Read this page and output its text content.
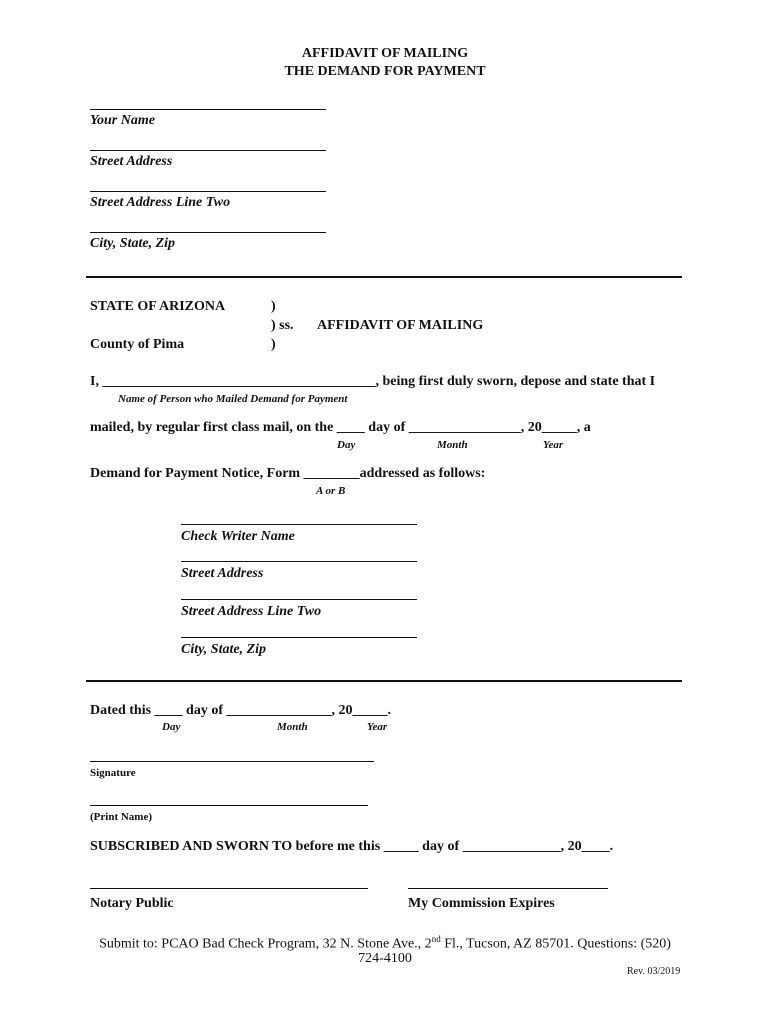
AFFIDAVIT OF MAILING
THE DEMAND FOR PAYMENT
Your Name
Street Address
Street Address Line Two
City, State, Zip
STATE OF ARIZONA	)
) ss. AFFIDAVIT OF MAILING
County of Pima	)
I, _______________________________________, being first duly sworn, depose and state that I
Name of Person who Mailed Demand for Payment
mailed, by regular first class mail, on the ____ day of ________________, 20_____, a
Day	Month	Year
Demand for Payment Notice, Form ________addressed as follows:
A or B
Check Writer Name
Street Address
Street Address Line Two
City, State, Zip
Dated this ____ day of _______________, 20_____.
Day	Month	Year
Signature
(Print Name)
SUBSCRIBED AND SWORN TO before me this _____ day of ______________, 20____.
Notary Public	My Commission Expires
Submit to: PCAO Bad Check Program, 32 N. Stone Ave., 2nd Fl., Tucson, AZ 85701. Questions: (520)
724-4100
Rev. 03/2019
